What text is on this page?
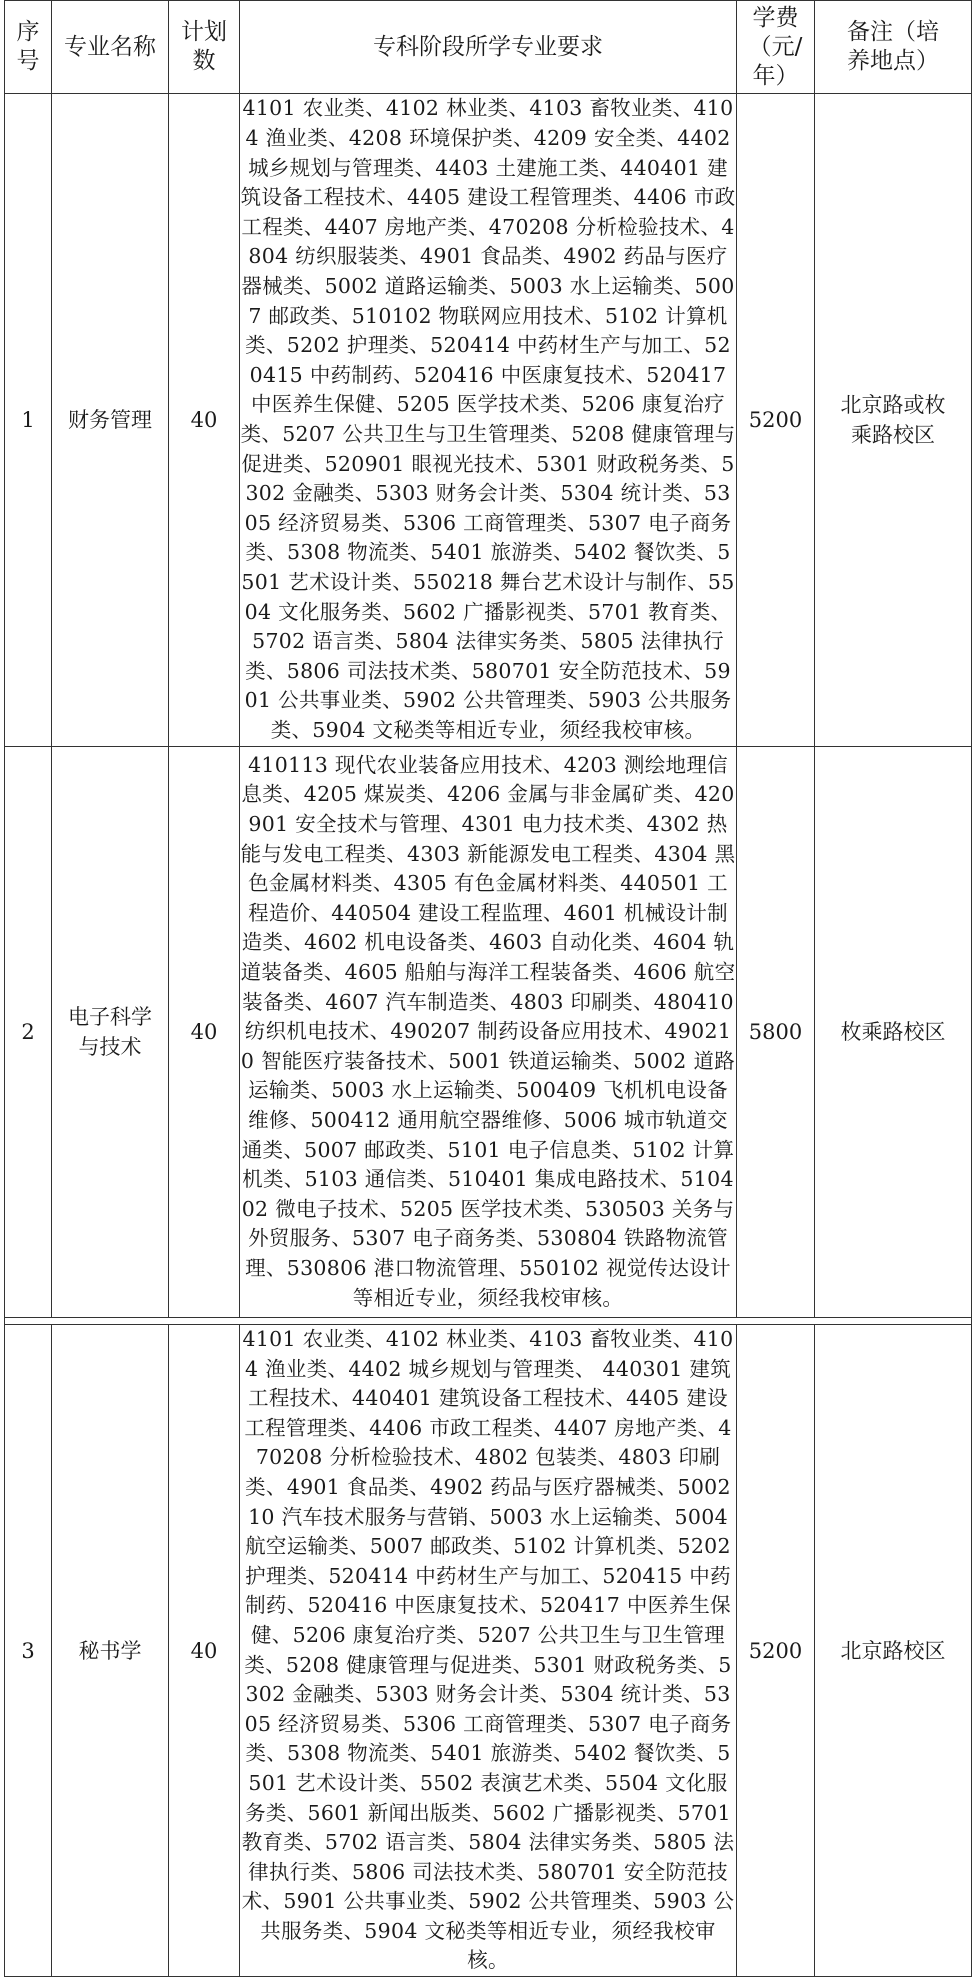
序号	专业名称	计划数	专科阶段所学专业要求	学费（元/年）	备注（培养地点）
1	财务管理	40	4101 农业类、4102 林业类、4103 畜牧业类、4104 渔业类、4208 环境保护类、4209 安全类、4402 城乡规划与管理类、4403 土建施工类、440401 建筑设备工程技术、4405 建设工程管理类、4406 市政工程类、4407 房地产类、470208 分析检验技术、4804 纺织服装类、4901 食品类、4902 药品与医疗器械类、5002 道路运输类、5003 水上运输类、5007 邮政类、510102 物联网应用技术、5102 计算机类、5202 护理类、520414 中药材生产与加工、520415 中药制药、520416 中医康复技术、520417 中医养生保健、5205 医学技术类、5206 康复治疗类、5207 公共卫生与卫生管理类、5208 健康管理与促进类、520901 眼视光技术、5301 财政税务类、5302 金融类、5303 财务会计类、5304 统计类、5305 经济贸易类、5306 工商管理类、5307 电子商务类、5308 物流类、5401 旅游类、5402 餐饮类、5501 艺术设计类、550218 舞台艺术设计与制作、5504 文化服务类、5602 广播影视类、5701 教育类、5702 语言类、5804 法律实务类、5805 法律执行类、5806 司法技术类、580701 安全防范技术、5901 公共事业类、5902 公共管理类、5903 公共服务类、5904 文秘类等相近专业，须经我校审核。	5200	北京路或枚乘路校区
2	电子科学与技术	40	410113 现代农业装备应用技术、4203 测绘地理信息类、4205 煤炭类、4206 金属与非金属矿类、420901 安全技术与管理、4301 电力技术类、4302 热能与发电工程类、4303 新能源发电工程类、4304 黑色金属材料类、4305 有色金属材料类、440501 工程造价、440504 建设工程监理、4601 机械设计制造类、4602 机电设备类、4603 自动化类、4604 轨道装备类、4605 船舶与海洋工程装备类、4606 航空装备类、4607 汽车制造类、4803 印刷类、480410 纺织机电技术、490207 制药设备应用技术、490210 智能医疗装备技术、5001 铁道运输类、5002 道路运输类、5003 水上运输类、500409 飞机机电设备维修、500412 通用航空器维修、5006 城市轨道交通类、5007 邮政类、5101 电子信息类、5102 计算机类、5103 通信类、510401 集成电路技术、510402 微电子技术、5205 医学技术类、530503 关务与外贸服务、5307 电子商务类、530804 铁路物流管理、530806 港口物流管理、550102 视觉传达设计等相近专业，须经我校审核。	5800	枚乘路校区

3	秘书学	40	4101 农业类、4102 林业类、4103 畜牧业类、4104 渔业类、4402 城乡规划与管理类、 440301 建筑工程技术、440401 建筑设备工程技术、4405 建设工程管理类、4406 市政工程类、4407 房地产类、470208 分析检验技术、4802 包装类、4803 印刷类、4901 食品类、4902 药品与医疗器械类、500210 汽车技术服务与营销、5003 水上运输类、5004 航空运输类、5007 邮政类、5102 计算机类、5202 护理类、520414 中药材生产与加工、520415 中药制药、520416 中医康复技术、520417 中医养生保健、5206 康复治疗类、5207 公共卫生与卫生管理类、5208 健康管理与促进类、5301 财政税务类、5302 金融类、5303 财务会计类、5304 统计类、5305 经济贸易类、5306 工商管理类、5307 电子商务类、5308 物流类、5401 旅游类、5402 餐饮类、5501 艺术设计类、5502 表演艺术类、5504 文化服务类、5601 新闻出版类、5602 广播影视类、5701 教育类、5702 语言类、5804 法律实务类、5805 法律执行类、5806 司法技术类、580701 安全防范技术、5901 公共事业类、5902 公共管理类、5903 公共服务类、5904 文秘类等相近专业，须经我校审核。	5200	北京路校区
